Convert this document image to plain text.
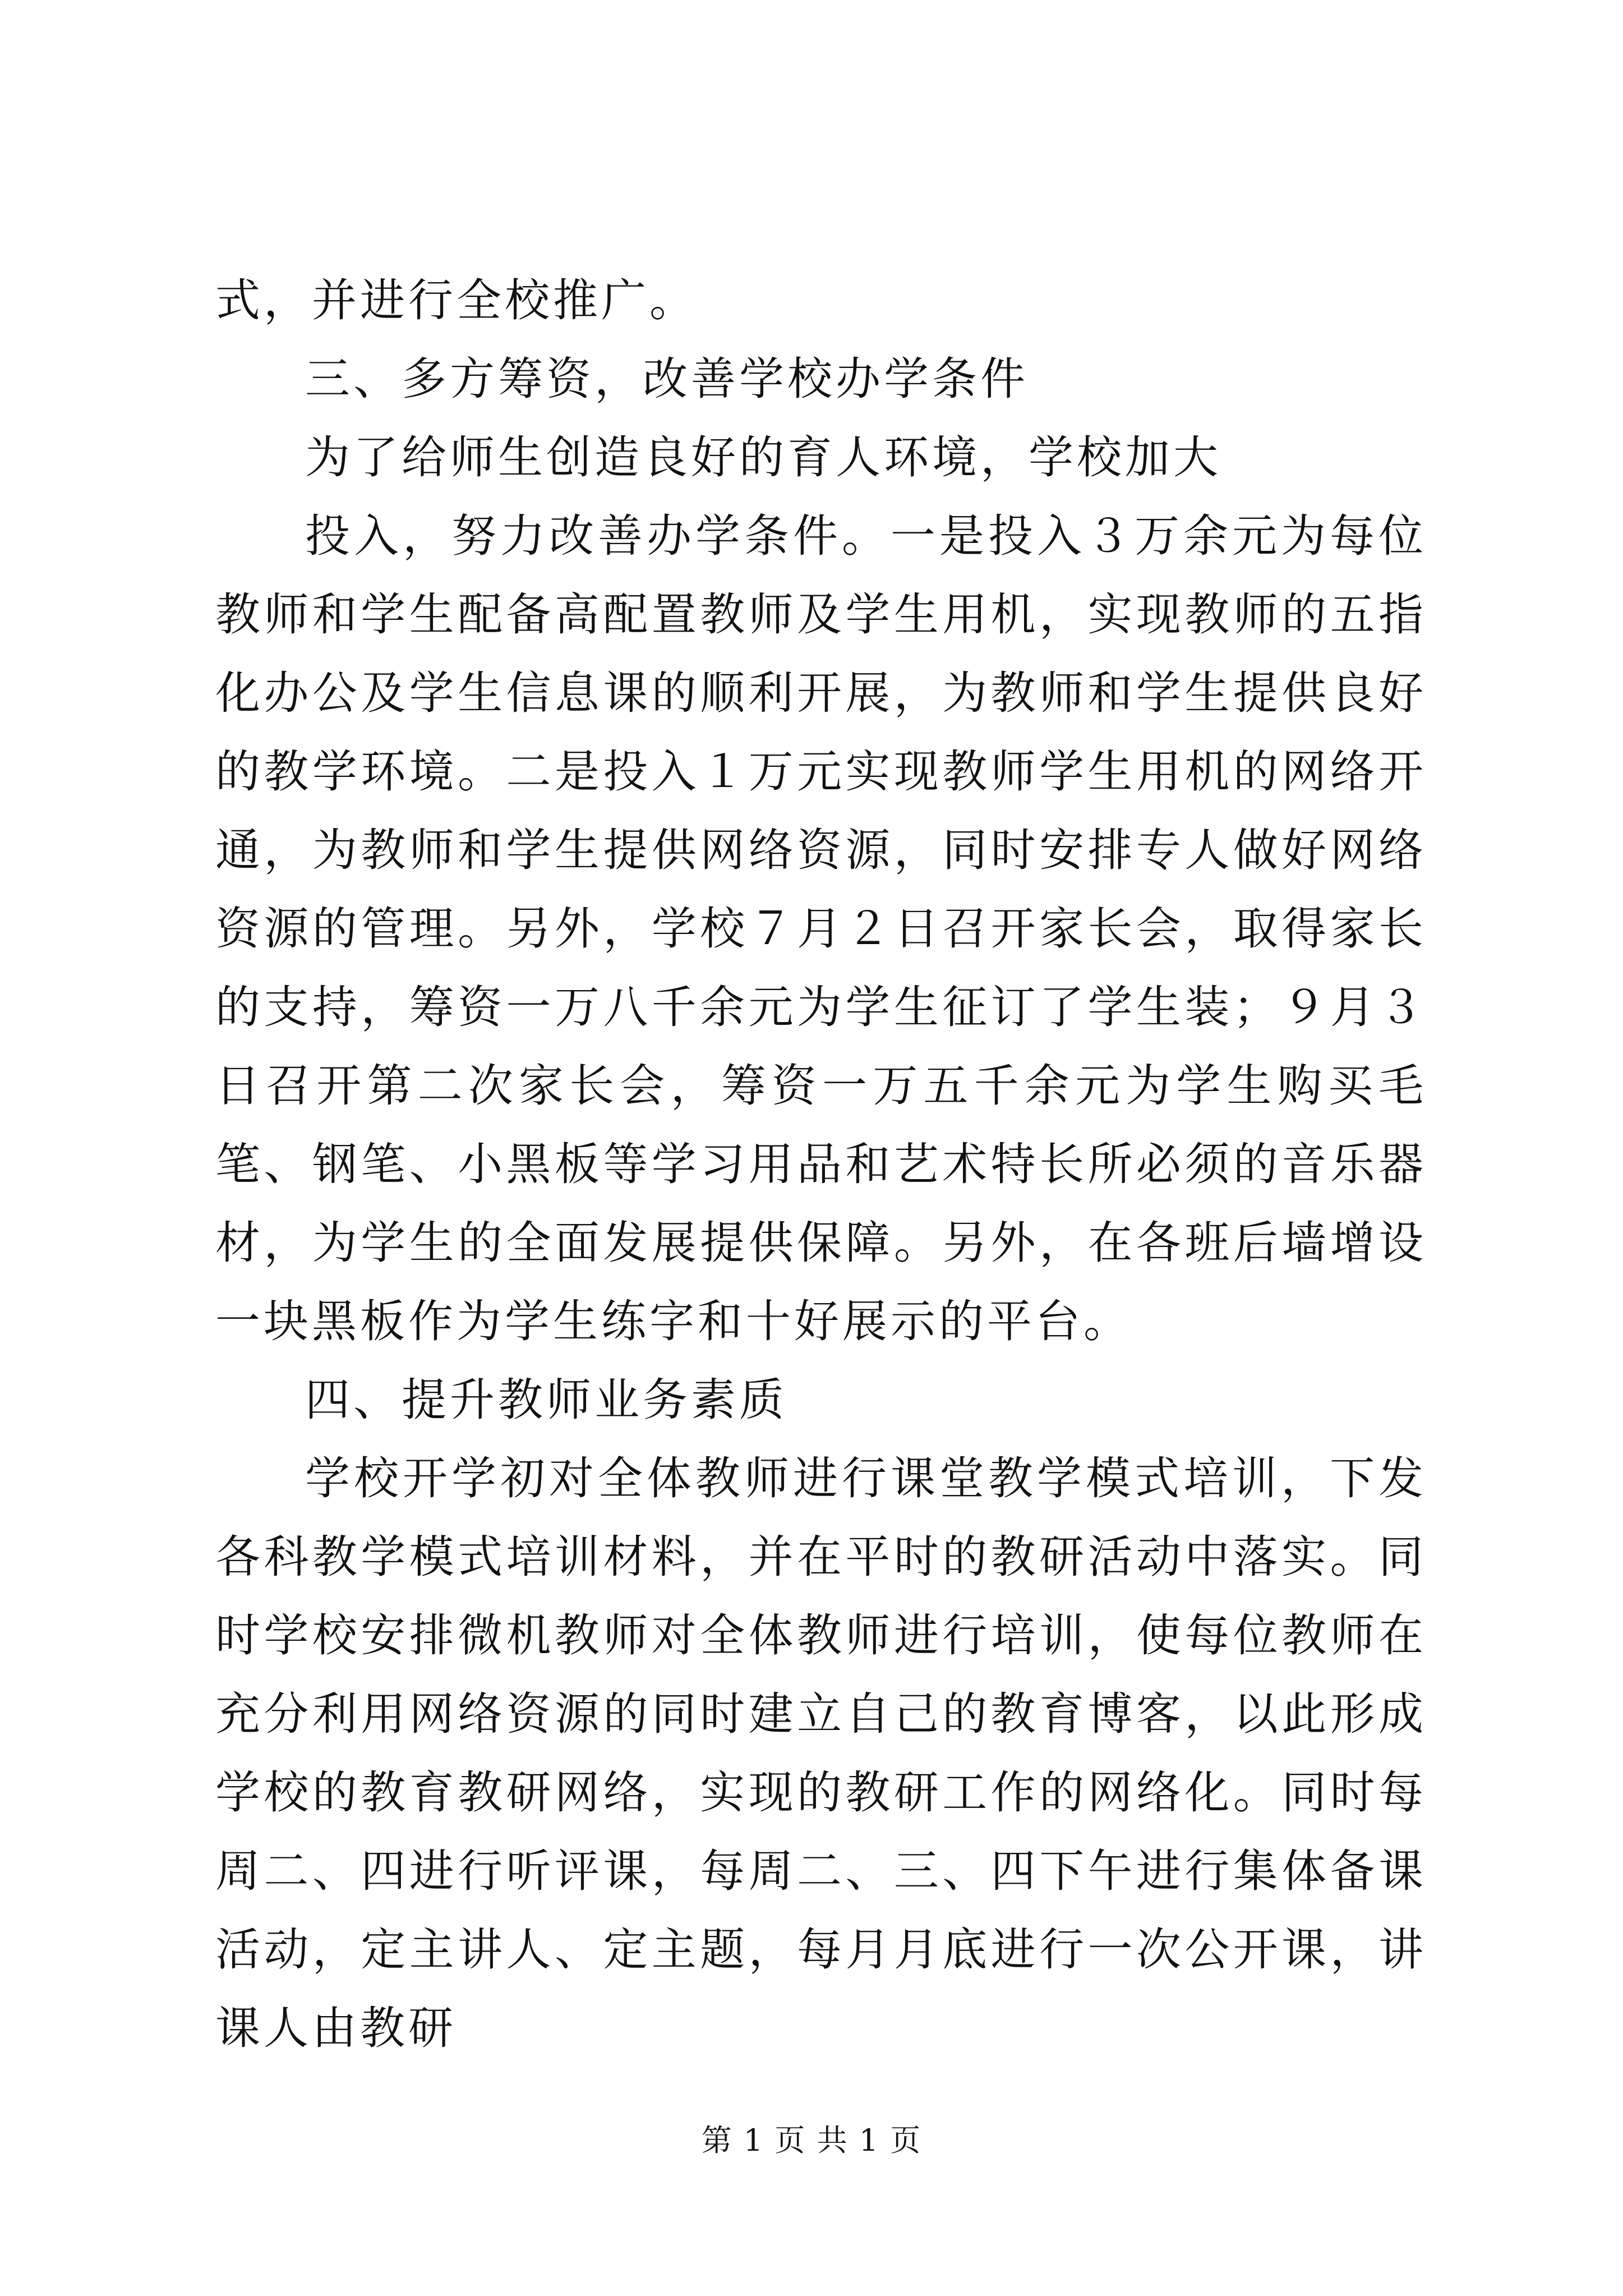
式，并进行全校推广。

三、多方筹资，改善学校办学条件

为了给师生创造良好的育人环境，学校加大

投入，努力改善办学条件。一是投入３万余元为每位教师和学生配备高配置教师及学生用机，实现教师的五指化办公及学生信息课的顺利开展，为教师和学生提供良好的教学环境。二是投入１万元实现教师学生用机的网络开通，为教师和学生提供网络资源，同时安排专人做好网络资源的管理。另外，学校７月２日召开家长会，取得家长的支持，筹资一万八千余元为学生征订了学生装；９月３日召开第二次家长会，筹资一万五千余元为学生购买毛笔、钢笔、小黑板等学习用品和艺术特长所必须的音乐器材，为学生的全面发展提供保障。另外，在各班后墙增设一块黑板作为学生练字和十好展示的平台。

四、提升教师业务素质

学校开学初对全体教师进行课堂教学模式培训，下发各科教学模式培训材料，并在平时的教研活动中落实。同时学校安排微机教师对全体教师进行培训，使每位教师在充分利用网络资源的同时建立自己的教育博客，以此形成学校的教育教研网络，实现的教研工作的网络化。同时每周二、四进行听评课，每周二、三、四下午进行集体备课活动，定主讲人、定主题，每月月底进行一次公开课，讲课人由教研

第 1 页 共 1 页
